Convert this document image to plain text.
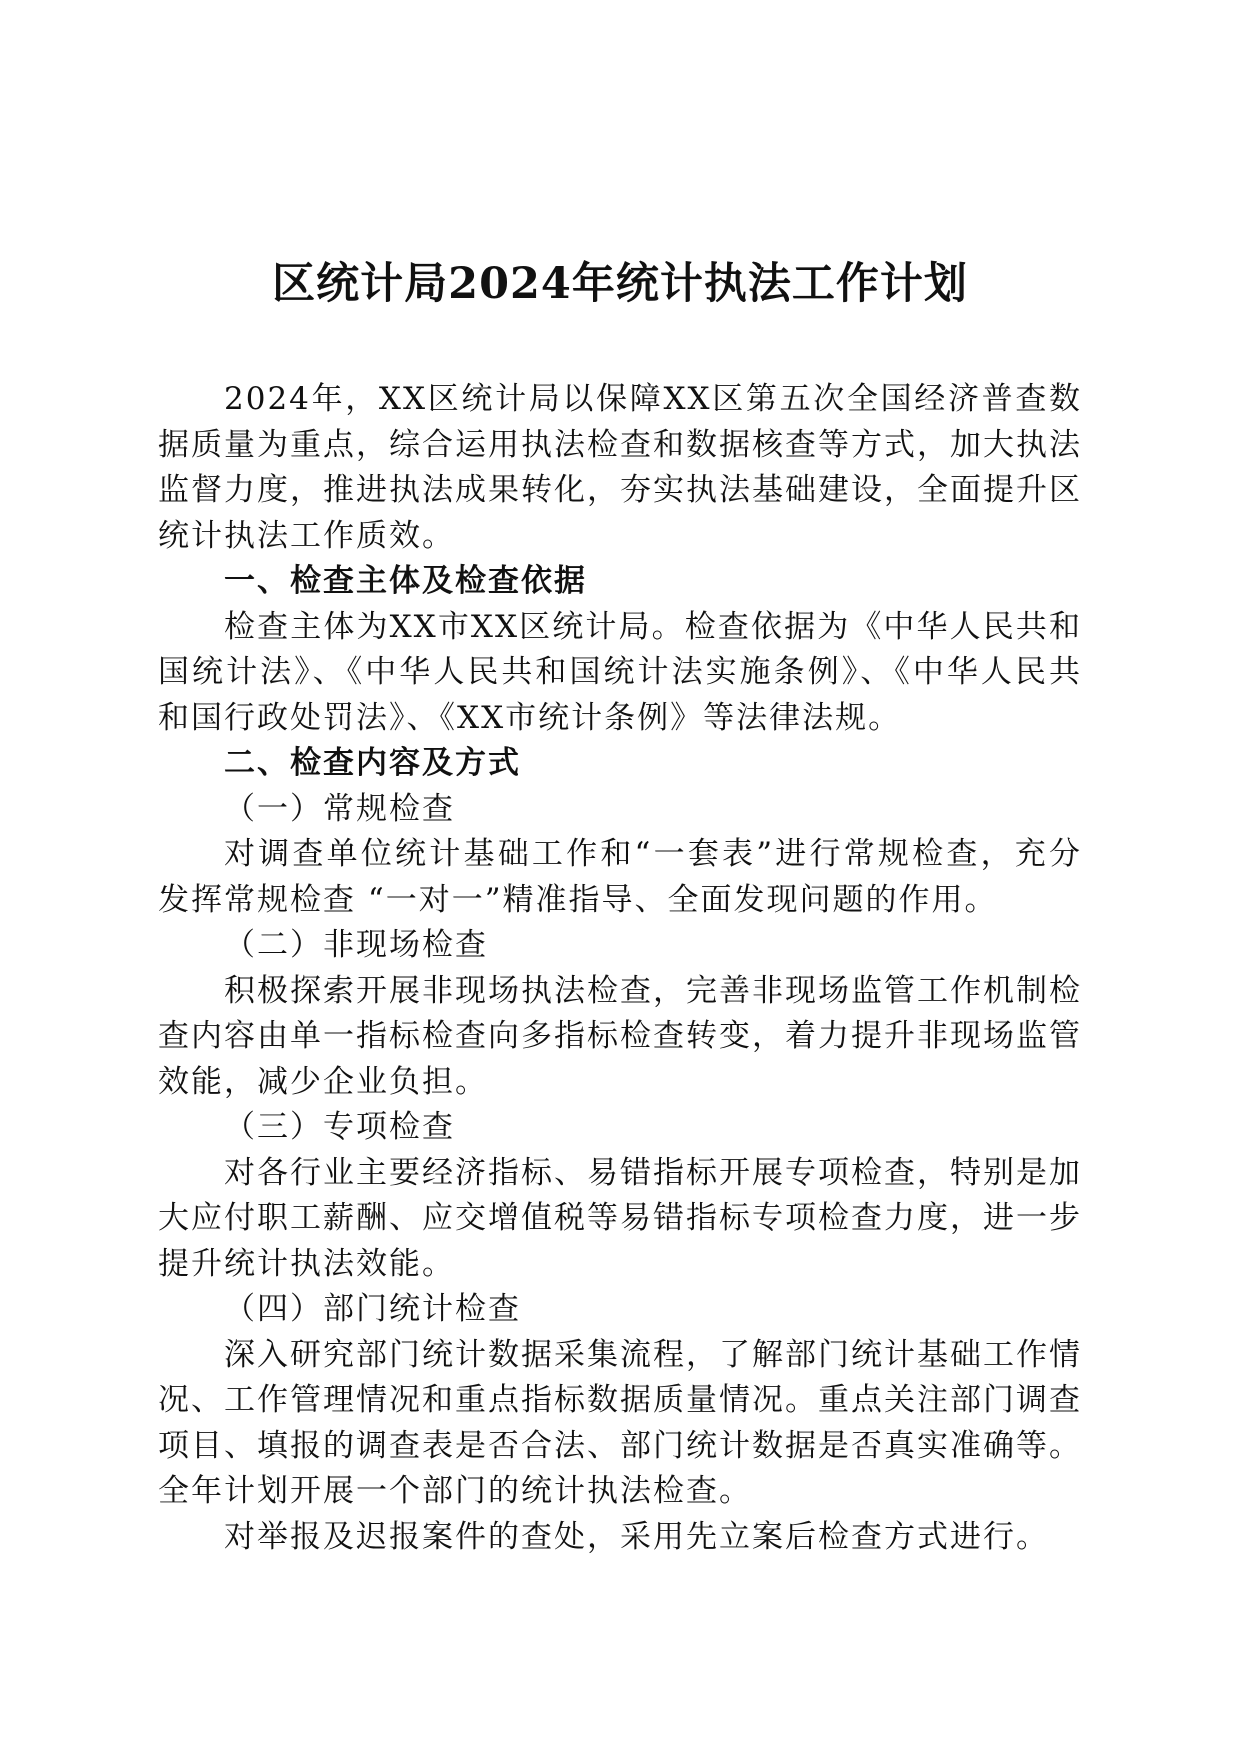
区统计局2024年统计执法工作计划

2024年，XX区统计局以保障XX区第五次全国经济普查数据质量为重点，综合运用执法检查和数据核查等方式，加大执法监督力度，推进执法成果转化，夯实执法基础建设，全面提升区统计执法工作质效。

一、检查主体及检查依据

检查主体为XX市XX区统计局。检查依据为《中华人民共和国统计法》、《中华人民共和国统计法实施条例》、《中华人民共和国行政处罚法》、《XX市统计条例》等法律法规。

二、检查内容及方式

（一）常规检查

对调查单位统计基础工作和“一套表”进行常规检查，充分发挥常规检查 “一对一”精准指导、全面发现问题的作用。

（二）非现场检查

积极探索开展非现场执法检查，完善非现场监管工作机制检查内容由单一指标检查向多指标检查转变，着力提升非现场监管效能，减少企业负担。

（三）专项检查

对各行业主要经济指标、易错指标开展专项检查，特别是加大应付职工薪酬、应交增值税等易错指标专项检查力度，进一步提升统计执法效能。

（四）部门统计检查

深入研究部门统计数据采集流程，了解部门统计基础工作情况、工作管理情况和重点指标数据质量情况。重点关注部门调查项目、填报的调查表是否合法、部门统计数据是否真实准确等。全年计划开展一个部门的统计执法检查。

对举报及迟报案件的查处，采用先立案后检查方式进行。
